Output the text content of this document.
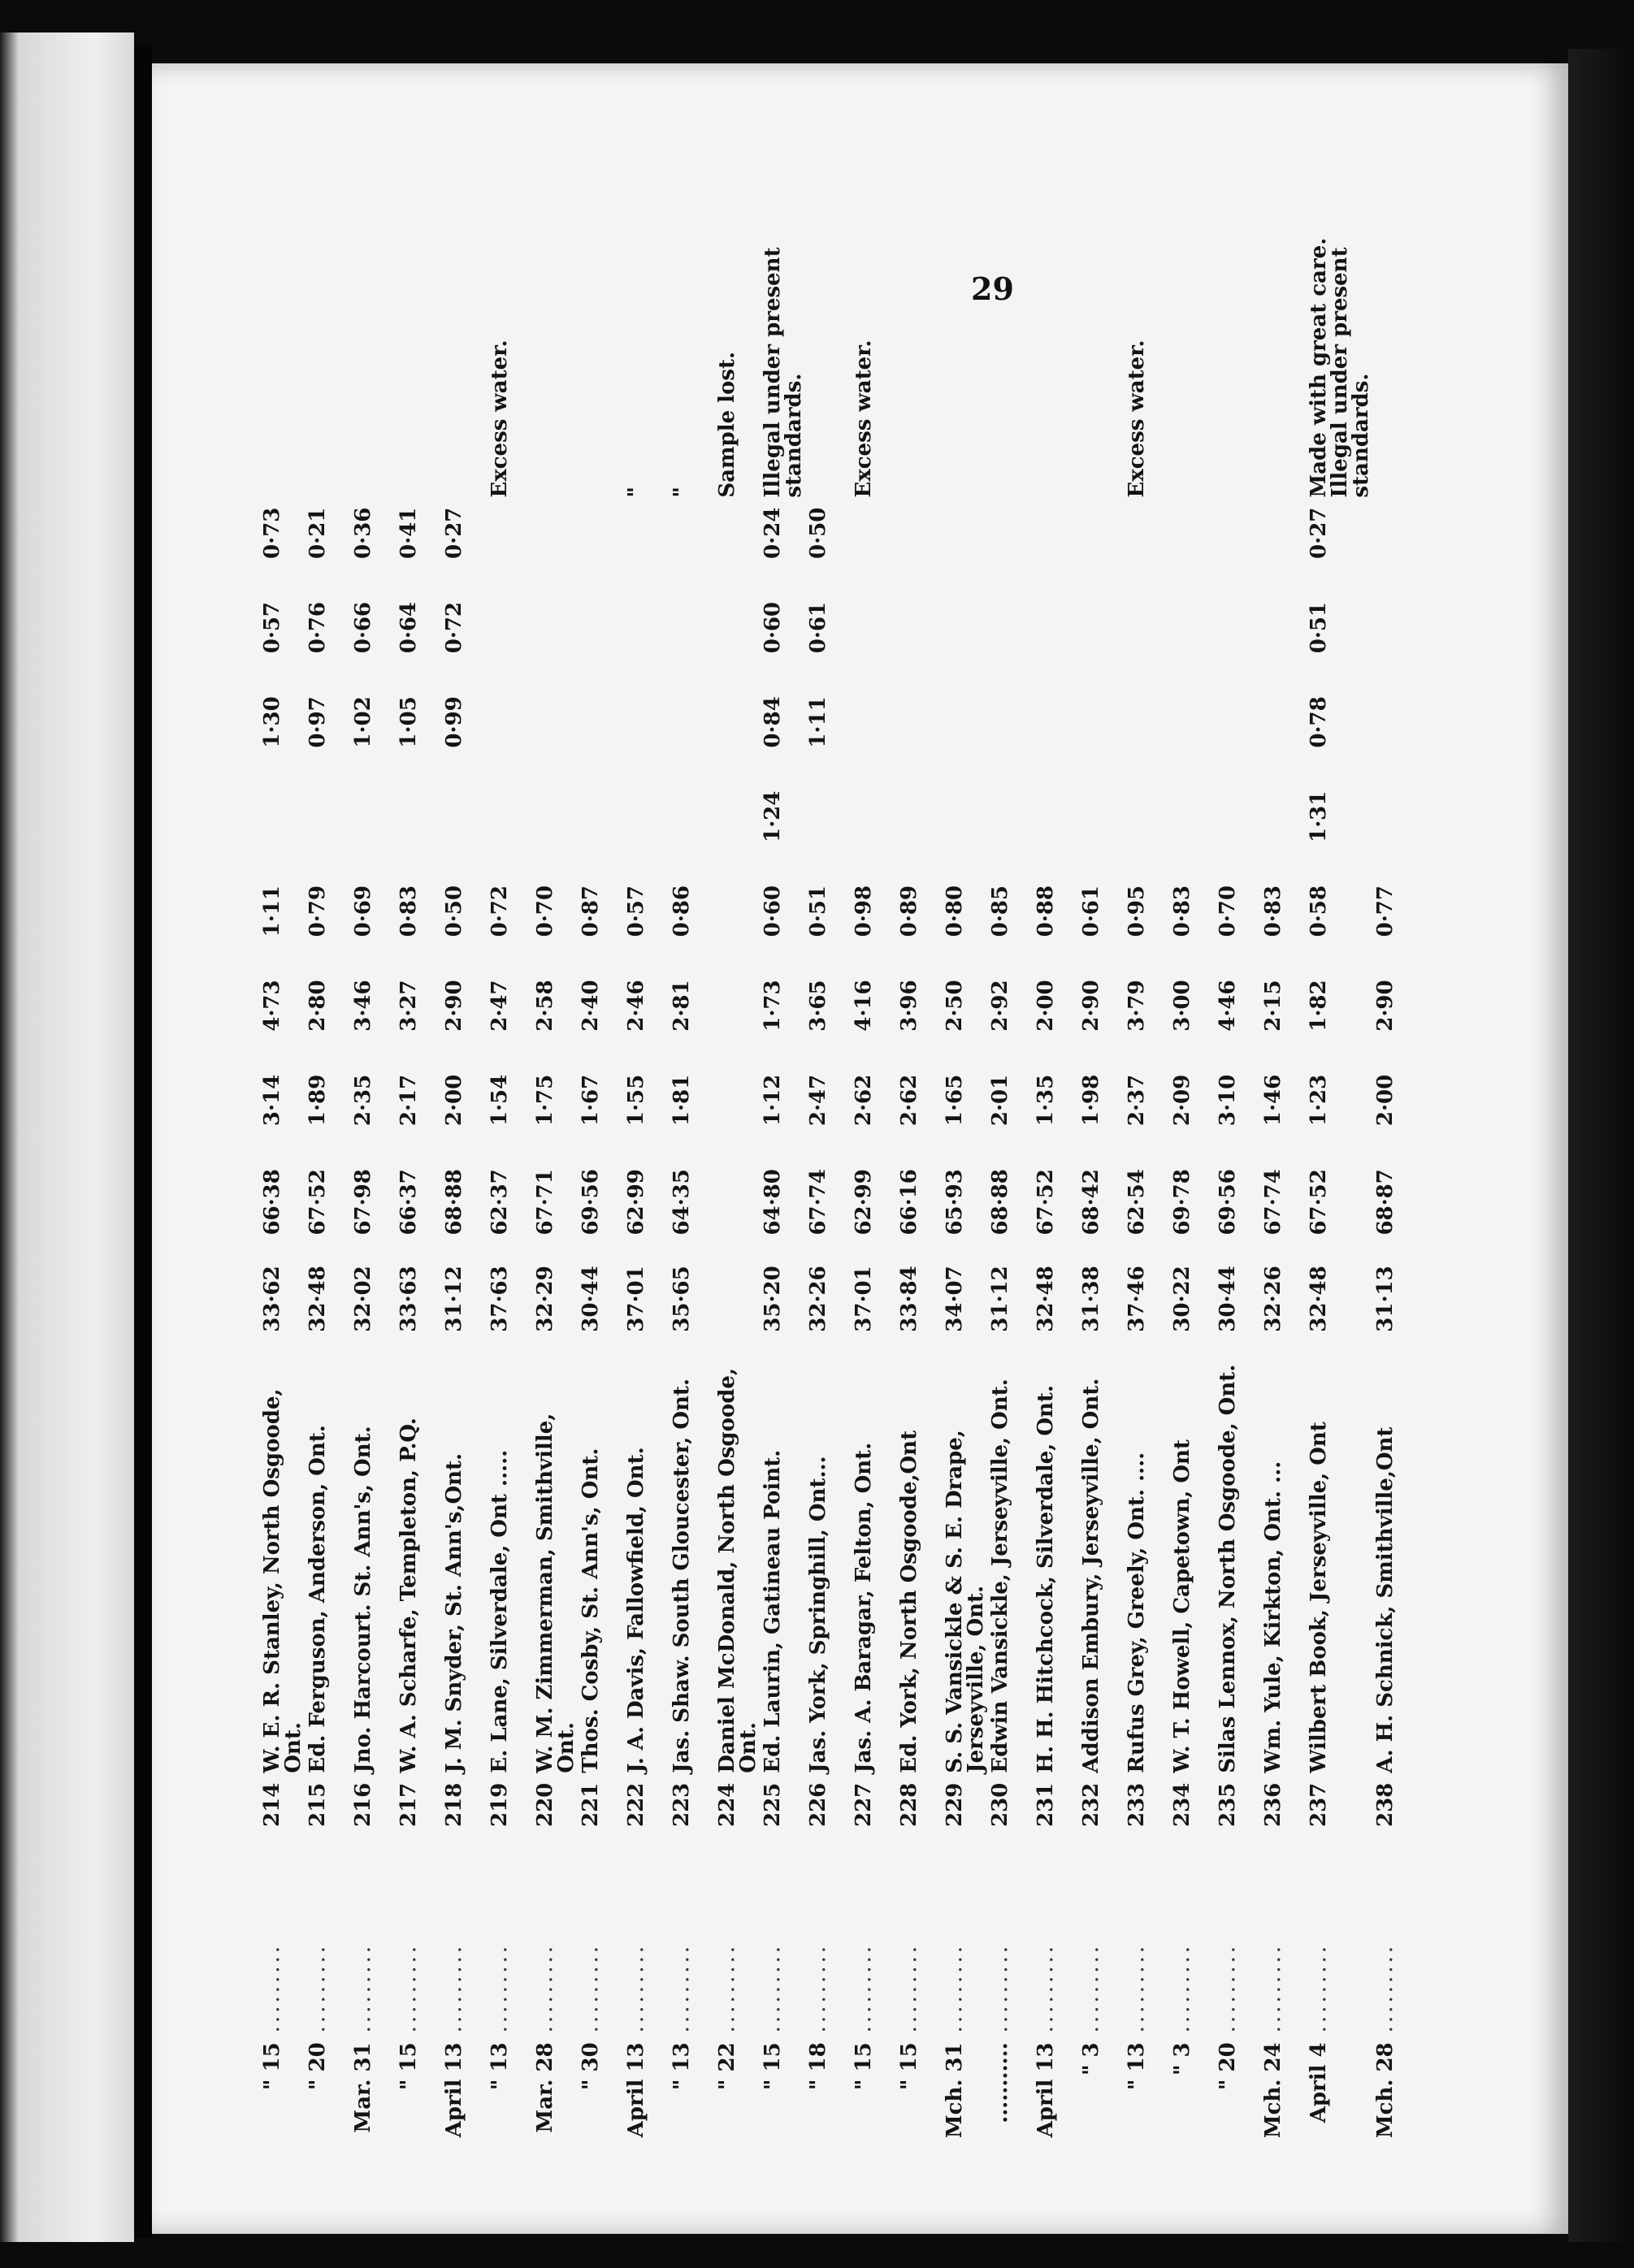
29
" 15	.........	214	W. E. R. Stanley, North Osgoode, Ont.	33·62	66·38	3·14	4·73	1·11		1·30	0·57	0·73	
" 20	.........	215	Ed. Ferguson, Anderson, Ont.	32·48	67·52	1·89	2·80	0·79		0·97	0·76	0·21	
Mar. 31	.........	216	Jno. Harcourt. St. Ann's, Ont.	32·02	67·98	2·35	3·46	0·69		1·02	0·66	0·36	
" 15	.........	217	W. A. Scharfe, Templeton, P.Q.	33·63	66·37	2·17	3·27	0·83		1·05	0·64	0·41	
April 13	.........	218	J. M. Snyder, St. Ann's,Ont.	31·12	68·88	2·00	2·90	0·50		0·99	0·72	0·27	
" 13	.........	219	E. Lane, Silverdale, Ont .....	37·63	62·37	1·54	2·47	0·72					Excess water.
Mar. 28	.........	220	W. M. Zimmerman, Smithville, Ont.	32·29	67·71	1·75	2·58	0·70					
" 30	.........	221	Thos. Cosby, St. Ann's, Ont.	30·44	69·56	1·67	2·40	0·87					
April 13	.........	222	J. A. Davis, Fallowfield, Ont.	37·01	62·99	1·55	2·46	0·57					"
" 13	.........	223	Jas. Shaw. South Gloucester, Ont.	35·65	64·35	1·81	2·81	0·86					"
" 22	.........	224	Daniel McDonald, North Osgoode, Ont.										Sample lost.
" 15	.........	225	Ed. Laurin, Gatineau Point.	35·20	64·80	1·12	1·73	0·60	1·24	0·84	0·60	0·24	Illegal under present standards.
" 18	.........	226	Jas. York, Springhill, Ont...	32·26	67·74	2·47	3·65	0·51		1·11	0·61	0·50	
" 15	.........	227	Jas. A. Baragar, Felton, Ont.	37·01	62·99	2·62	4·16	0·98					Excess water.
" 15	.........	228	Ed. York, North Osgoode,Ont	33·84	66·16	2·62	3·96	0·89					
Mch. 31	.........	229	S. S. Vansickle & S. E. Drape, Jerseyville, Ont.	34·07	65·93	1·65	2·50	0·80					
...........	.........	230	Edwin Vansickle, Jerseyville, Ont.	31·12	68·88	2·01	2·92	0·85					
April 13	.........	231	H. H. Hitchcock, Silverdale, Ont.	32·48	67·52	1·35	2·00	0·88					
" 3	.........	232	Addison Embury, Jerseyville, Ont.	31·38	68·42	1·98	2·90	0·61					
" 13	.........	233	Rufus Grey, Greely, Ont. ....	37·46	62·54	2·37	3·79	0·95					Excess water.
" 3	.........	234	W. T. Howell, Capetown, Ont	30·22	69·78	2·09	3·00	0·83					
" 20	.........	235	Silas Lennox, North Osgoode, Ont.	30·44	69·56	3·10	4·46	0·70					
Mch. 24	.........	236	Wm. Yule, Kirkton, Ont. ...	32·26	67·74	1·46	2·15	0·83					
April 4	.........	237	Wilbert Book, Jerseyville, Ont	32·48	67·52	1·23	1·82	0·58	1·31	0·78	0·51	0·27	Made with great care. Illegal under present standards.
Mch. 28	.........	238	A. H. Schnick, Smithville,Ont	31·13	68·87	2·00	2·90	0·77					
